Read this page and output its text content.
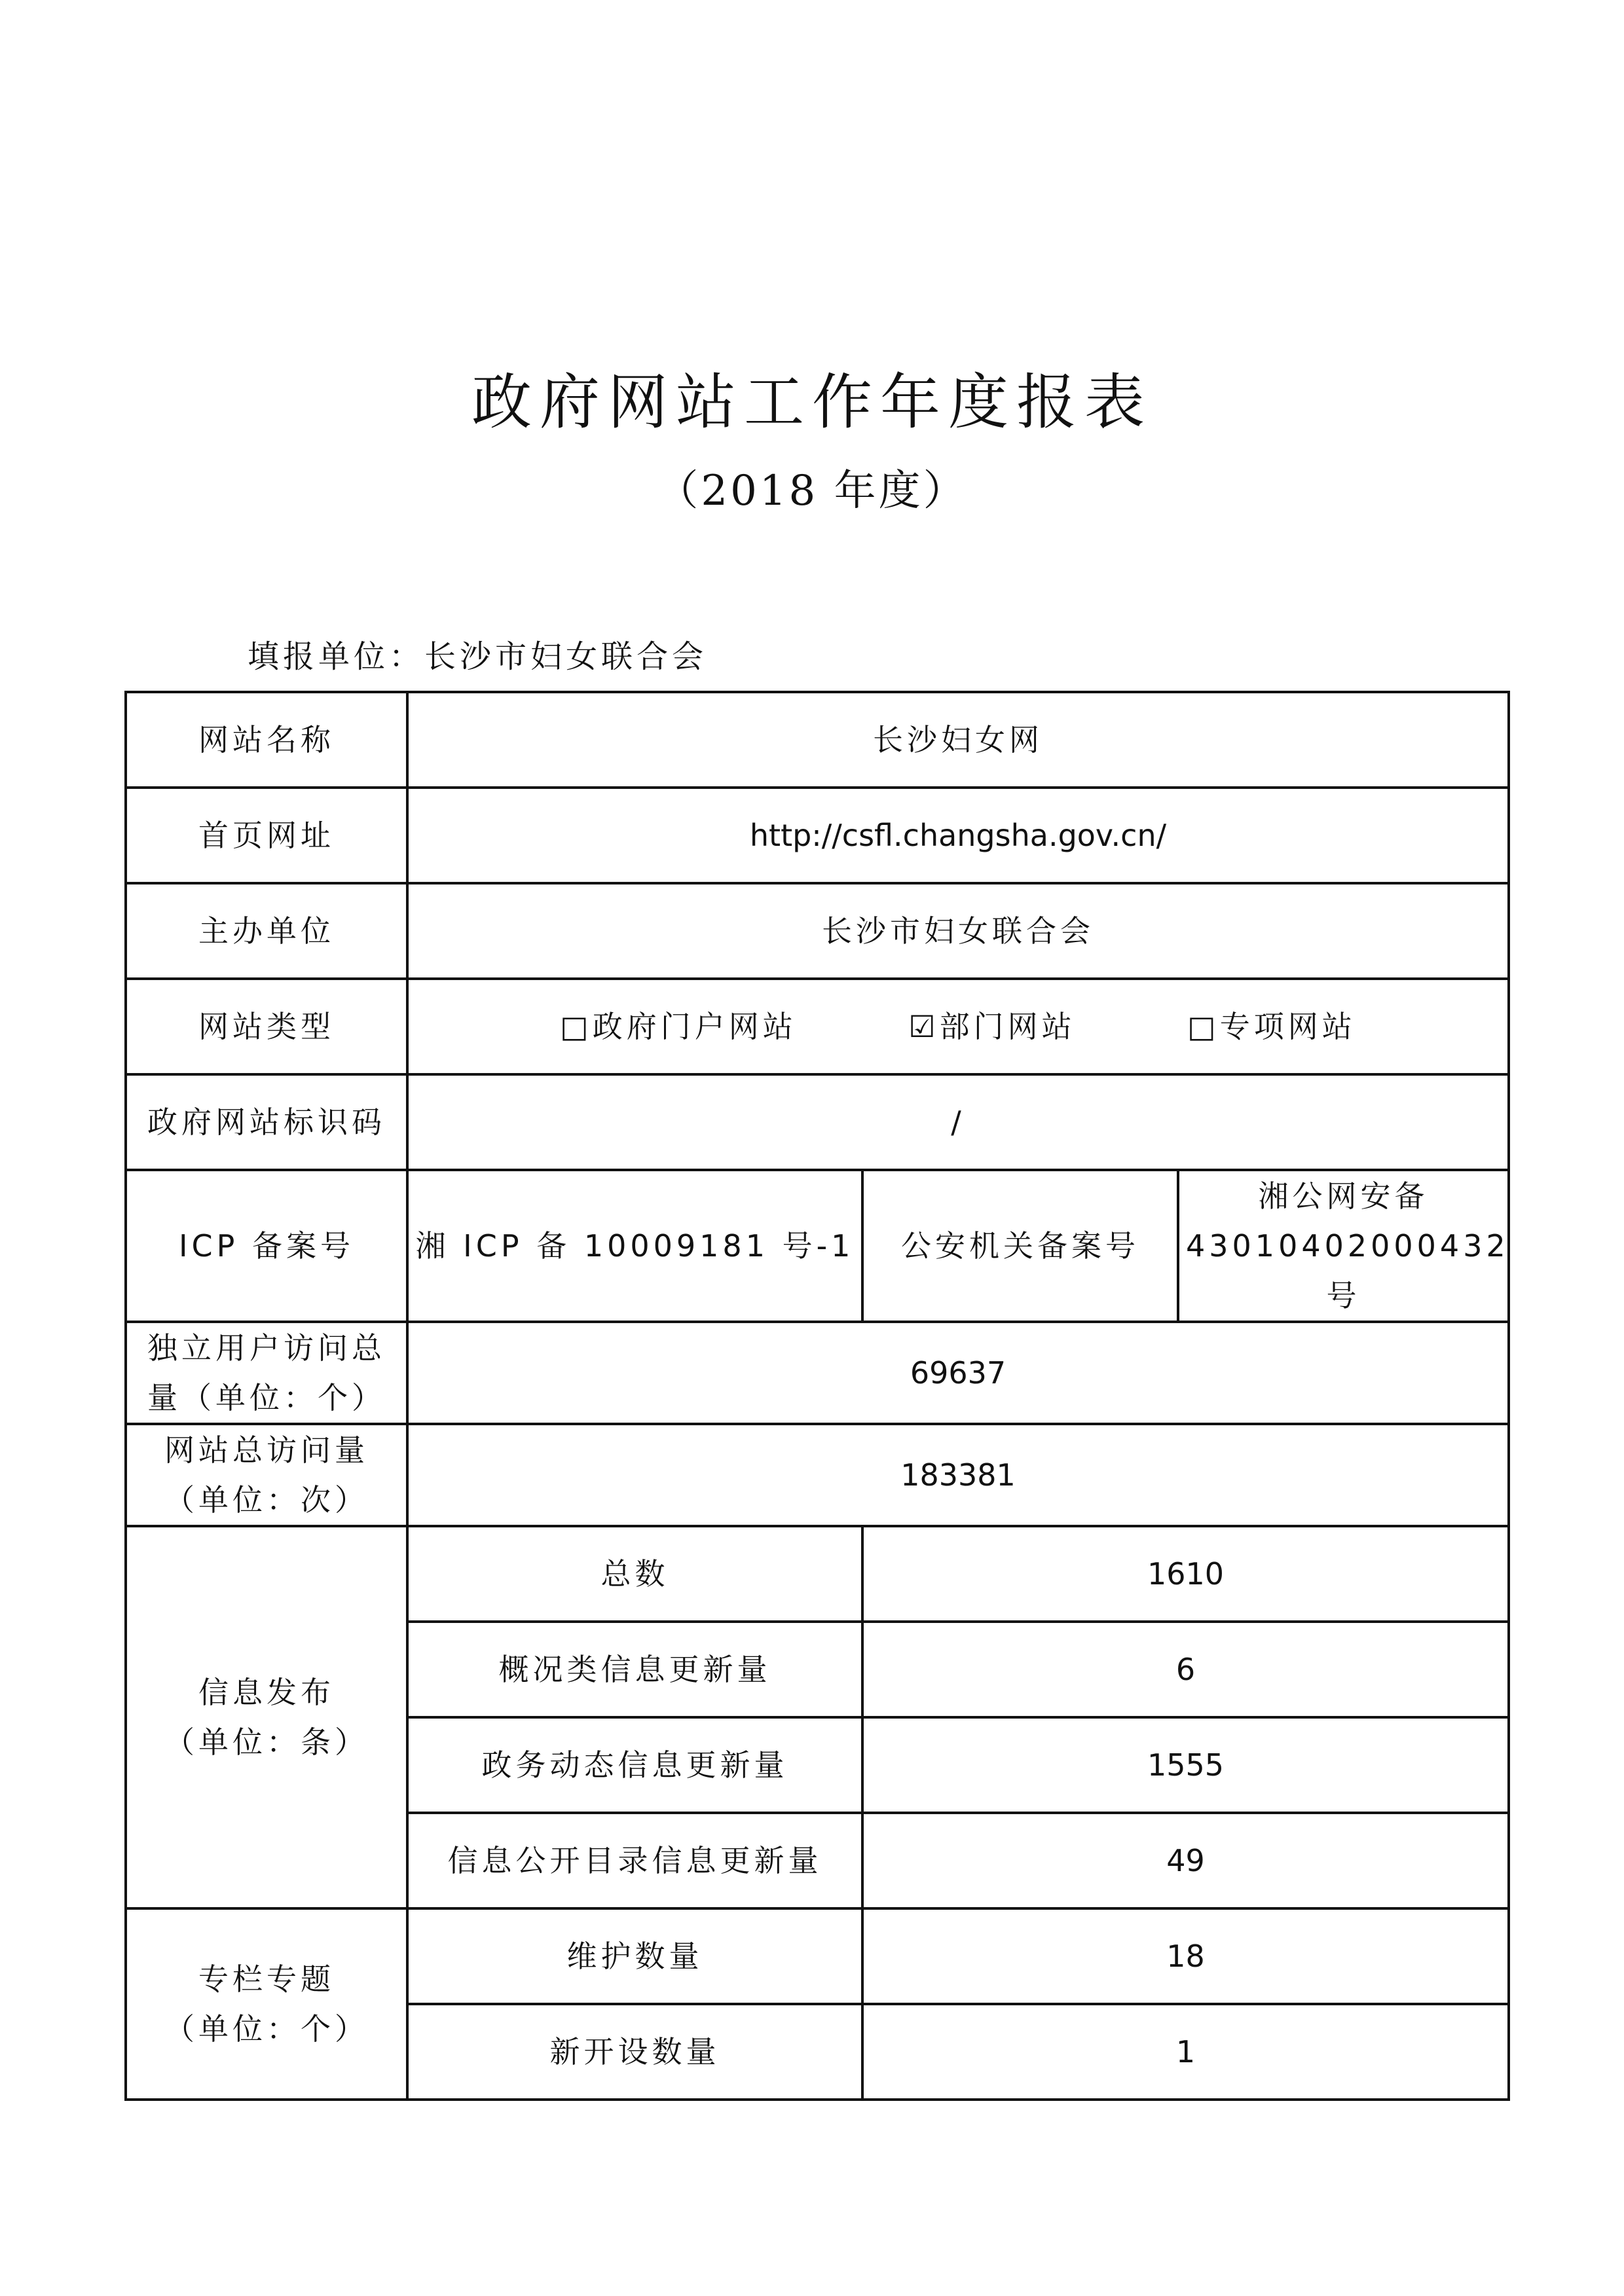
政府网站工作年度报表
（2018 年度）
填报单位：长沙市妇女联合会
网站名称	长沙妇女网		
首页网址	http://csfl.changsha.gov.cn/		
主办单位	长沙市妇女联合会		
网站类型	□政府门户网站 ☑部门网站 □专项网站		
政府网站标识码	/		
ICP 备案号	湘 ICP 备 10009181 号-1	公安机关备案号	湘公网安备
43010402000432 号

独立用户访问总
量（单位：个）	69637		

网站总访问量
（单位：次）	183381		

信息发布
（单位：条）	总数	1610	
	概况类信息更新量	6	
	政务动态信息更新量	1555	
	信息公开目录信息更新量	49	

专栏专题
（单位：个）	维护数量	18	
	新开设数量	1	
